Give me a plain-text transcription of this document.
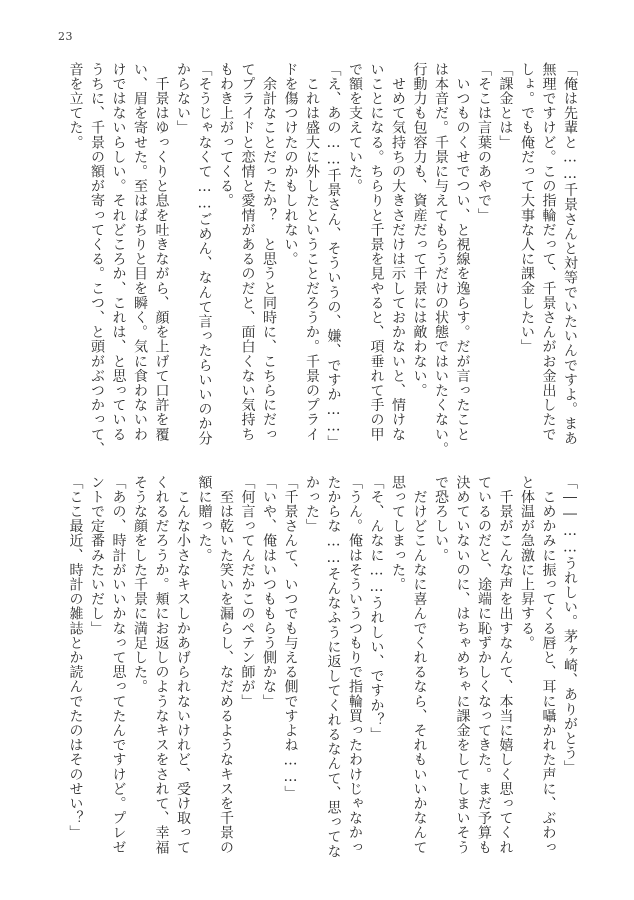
23
「俺は先輩と……千景さんと対等でいたいんですよ。まあ
無理ですけど。この指輪だって、千景さんがお金出したで
しょ。でも俺だって大事な人に課金したい」
「課金とは」
「そこは言葉のあやで」
　いつものくせでつい、と視線を逸らす。だが言ったこと
は本音だ。千景に与えてもらうだけの状態ではいたくない。
行動力も包容力も、資産だって千景には敵わない。
　せめて気持ちの大きさだけは示しておかないと、情けな
いことになる。ちらりと千景を見やると、項垂れて手の甲
で額を支えていた。
「え、あの……千景さん、そういうの、嫌、ですか……」
　これは盛大に外したということだろうか。千景のプライ
ドを傷つけたのかもしれない。
　余計なことだったか？　と思うと同時に、こちらにだっ
てプライドと恋情と愛情があるのだと、面白くない気持ち
もわき上がってくる。
「そうじゃなくて……ごめん、なんて言ったらいいのか分
からない」
　千景はゆっくりと息を吐きながら、顔を上げて口許を覆
い、眉を寄せた。至はぱちりと目を瞬く。気に食わないわ
けではないらしい。それどころか、これは、と思っている
うちに、千景の額が寄ってくる。こつ、と頭がぶつかって、
音を立てた。
「――……うれしい。茅ヶ崎、ありがとう」
　こめかみに振ってくる唇と、耳に囁かれた声に、ぶわっ
と体温が急激に上昇する。
　千景がこんな声を出すなんて、本当に嬉しく思ってくれ
ているのだと、途端に恥ずかしくなってきた。まだ予算も
決めていないのに、はちゃめちゃに課金をしてしまいそう
で恐ろしい。
　だけどこんなに喜んでくれるなら、それもいいかなんて
思ってしまった。
「そ、んなに……うれしい、ですか？」
「うん。俺はそういうつもりで指輪買ったわけじゃなかっ
たからな……そんなふうに返してくれるなんて、思ってな
かった」
「千景さんて、いつでも与える側ですよね……」
「いや、俺はいつももらう側かな」
「何言ってんだかこのペテン師が」
　至は乾いた笑いを漏らし、なだめるようなキスを千景の
額に贈った。
　こんな小さなキスしかあげられないけれど、受け取って
くれるだろうか。頬にお返しのようなキスをされて、幸福
そうな顔をした千景に満足した。
「あの、時計がいいかなって思ってたんですけど。プレゼ
ントで定番みたいだし」
「ここ最近、時計の雑誌とか読んでたのはそのせい？」
